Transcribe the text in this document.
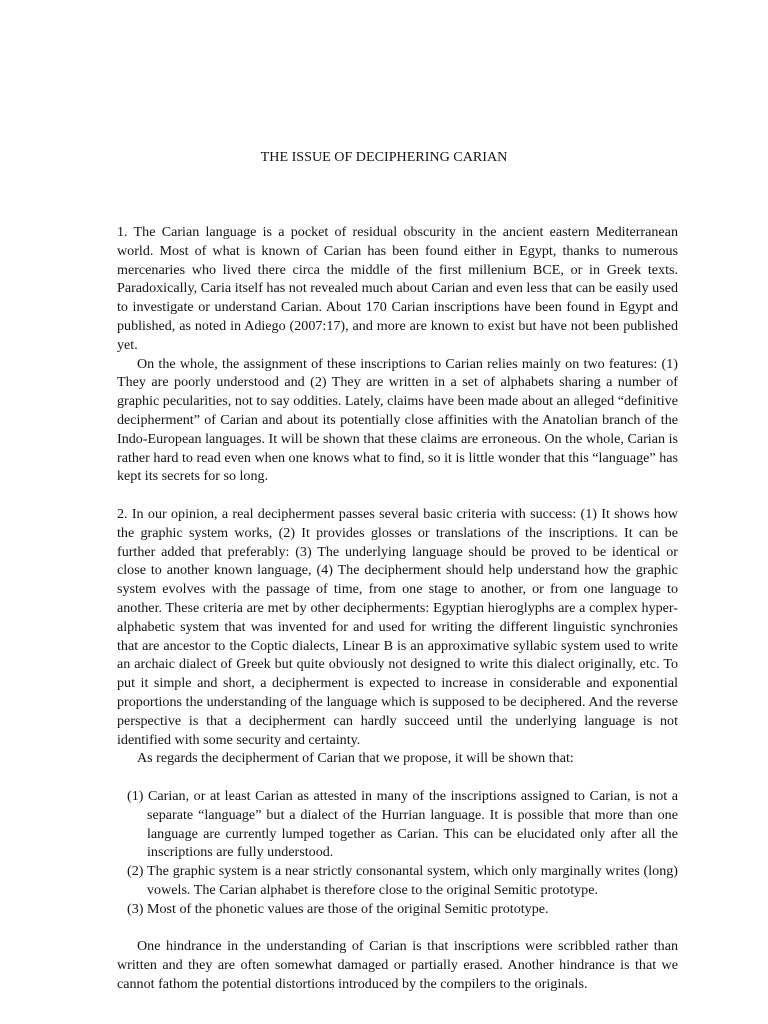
THE ISSUE OF DECIPHERING CARIAN

1. The Carian language is a pocket of residual obscurity in the ancient eastern Mediterranean world. Most of what is known of Carian has been found either in Egypt, thanks to numerous mercenaries who lived there circa the middle of the first millenium BCE, or in Greek texts. Paradoxically, Caria itself has not revealed much about Carian and even less that can be easily used to investigate or understand Carian. About 170 Carian inscriptions have been found in Egypt and published, as noted in Adiego (2007:17), and more are known to exist but have not been published yet.

On the whole, the assignment of these inscriptions to Carian relies mainly on two features: (1) They are poorly understood and (2) They are written in a set of alphabets sharing a number of graphic pecularities, not to say oddities. Lately, claims have been made about an alleged “definitive decipherment” of Carian and about its potentially close affinities with the Anatolian branch of the Indo-European languages. It will be shown that these claims are erroneous. On the whole, Carian is rather hard to read even when one knows what to find, so it is little wonder that this “language” has kept its secrets for so long.

2. In our opinion, a real decipherment passes several basic criteria with success: (1) It shows how the graphic system works, (2) It provides glosses or translations of the inscriptions. It can be further added that preferably: (3) The underlying language should be proved to be identical or close to another known language, (4) The decipherment should help understand how the graphic system evolves with the passage of time, from one stage to another, or from one language to another. These criteria are met by other decipherments: Egyptian hieroglyphs are a complex hyper-alphabetic system that was invented for and used for writing the different linguistic synchronies that are ancestor to the Coptic dialects, Linear B is an approximative syllabic system used to write an archaic dialect of Greek but quite obviously not designed to write this dialect originally, etc. To put it simple and short, a decipherment is expected to increase in considerable and exponential proportions the understanding of the language which is supposed to be deciphered. And the reverse perspective is that a decipherment can hardly succeed until the underlying language is not identified with some security and certainty.

As regards the decipherment of Carian that we propose, it will be shown that:

(1) Carian, or at least Carian as attested in many of the inscriptions assigned to Carian, is not a separate “language” but a dialect of the Hurrian language. It is possible that more than one language are currently lumped together as Carian. This can be elucidated only after all the inscriptions are fully understood.
(2) The graphic system is a near strictly consonantal system, which only marginally writes (long) vowels. The Carian alphabet is therefore close to the original Semitic prototype.
(3) Most of the phonetic values are those of the original Semitic prototype.

One hindrance in the understanding of Carian is that inscriptions were scribbled rather than written and they are often somewhat damaged or partially erased. Another hindrance is that we cannot fathom the potential distortions introduced by the compilers to the originals.
